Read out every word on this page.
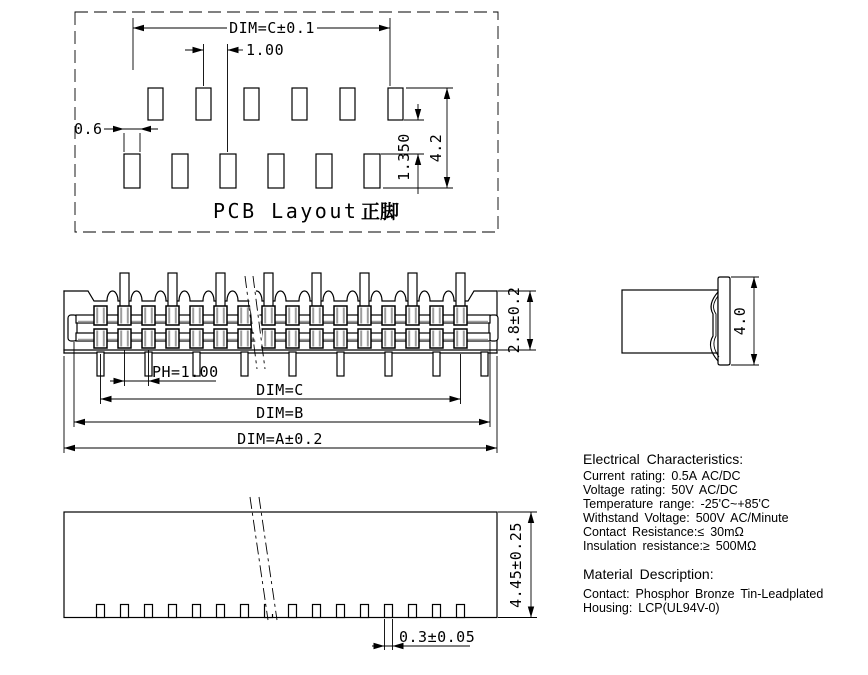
DIM=C±0.1
1.00
0.6
1.350 4.2
PCB Layout 正脚
2.8±0.2
PH=1.00
DIM=C
DIM=B
DIM=A±0.2
4.0
4.45±0.25
0.3±0.05
Electrical Characteristics:
Current rating: 0.5A AC/DC
Voltage rating: 50V AC/DC
Temperature range: -25'C~+85'C
Withstand Voltage: 500V AC/Minute
Contact Resistance:≤ 30mΩ
Insulation resistance:≥ 500MΩ
Material Description:
Contact: Phosphor Bronze Tin-Leadplated
Housing: LCP(UL94V-0)
